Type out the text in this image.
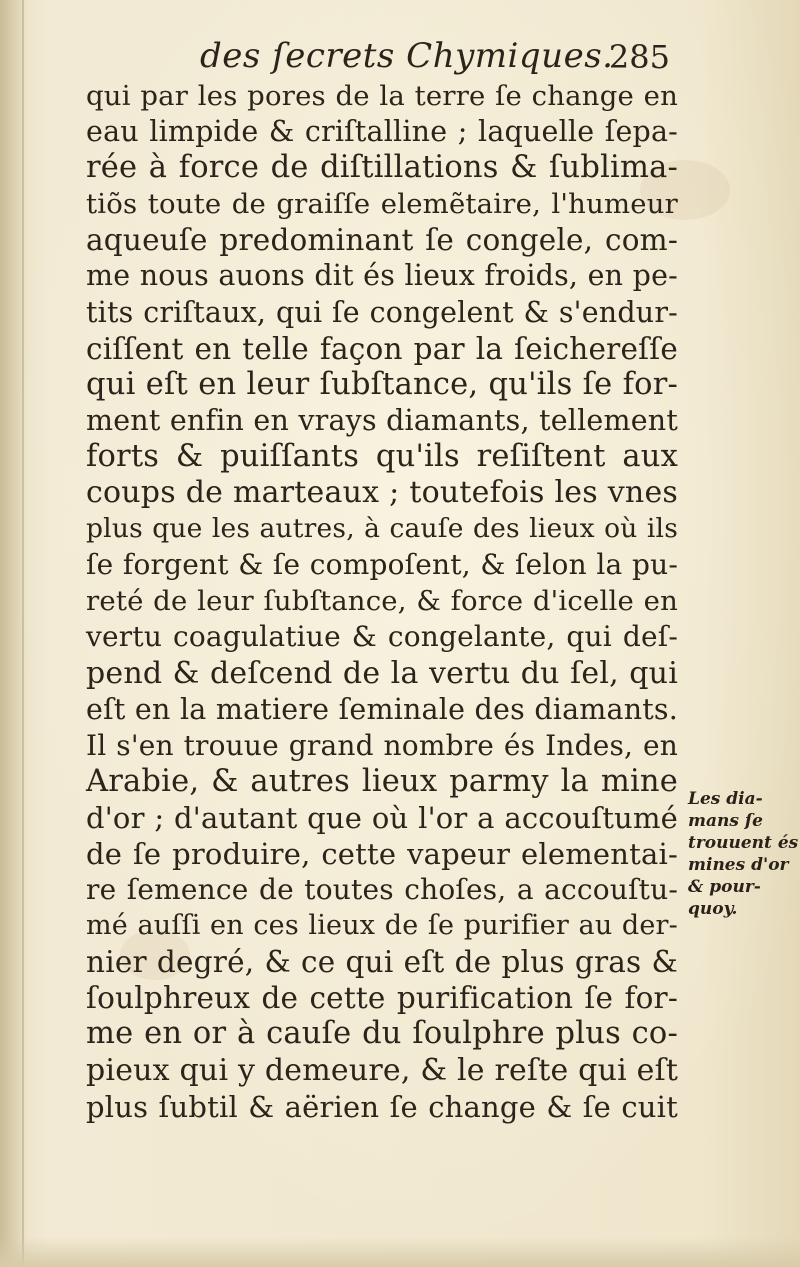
des ſecrets Chymiques.
285
qui par les pores de la terre ſe change en
eau limpide & criſtalline ; laquelle ſepa-
rée à force de diſtillations & ſublima-
tiõs toute de graiſſe elemẽtaire, l'humeur
aqueuſe predominant ſe congele, com-
me nous auons dit és lieux froids, en pe-
tits criſtaux, qui ſe congelent & s'endur-
ciſſent en telle façon par la ſeichereſſe
qui eſt en leur ſubſtance, qu'ils ſe for-
ment enfin en vrays diamants, tellement
forts & puiſſants qu'ils reſiſtent aux
coups de marteaux ; toutefois les vnes
plus que les autres, à cauſe des lieux où ils
ſe forgent & ſe compoſent, & ſelon la pu-
reté de leur ſubſtance, & force d'icelle en
vertu coagulatiue & congelante, qui deſ-
pend & deſcend de la vertu du ſel, qui
eſt en la matiere ſeminale des diamants.
Il s'en trouue grand nombre és Indes, en
Arabie, & autres lieux parmy la mine
d'or ; d'autant que où l'or a accouſtumé
de ſe produire, cette vapeur elementai-
re ſemence de toutes choſes, a accouſtu-
mé auſſi en ces lieux de ſe purifier au der-
nier degré, & ce qui eſt de plus gras &
ſoulphreux de cette purification ſe for-
me en or à cauſe du ſoulphre plus co-
pieux qui y demeure, & le reſte qui eſt
plus ſubtil & aërien ſe change & ſe cuit
Les dia-
mans ſe
trouuent és
mines d'or
& pour-
quoy.
